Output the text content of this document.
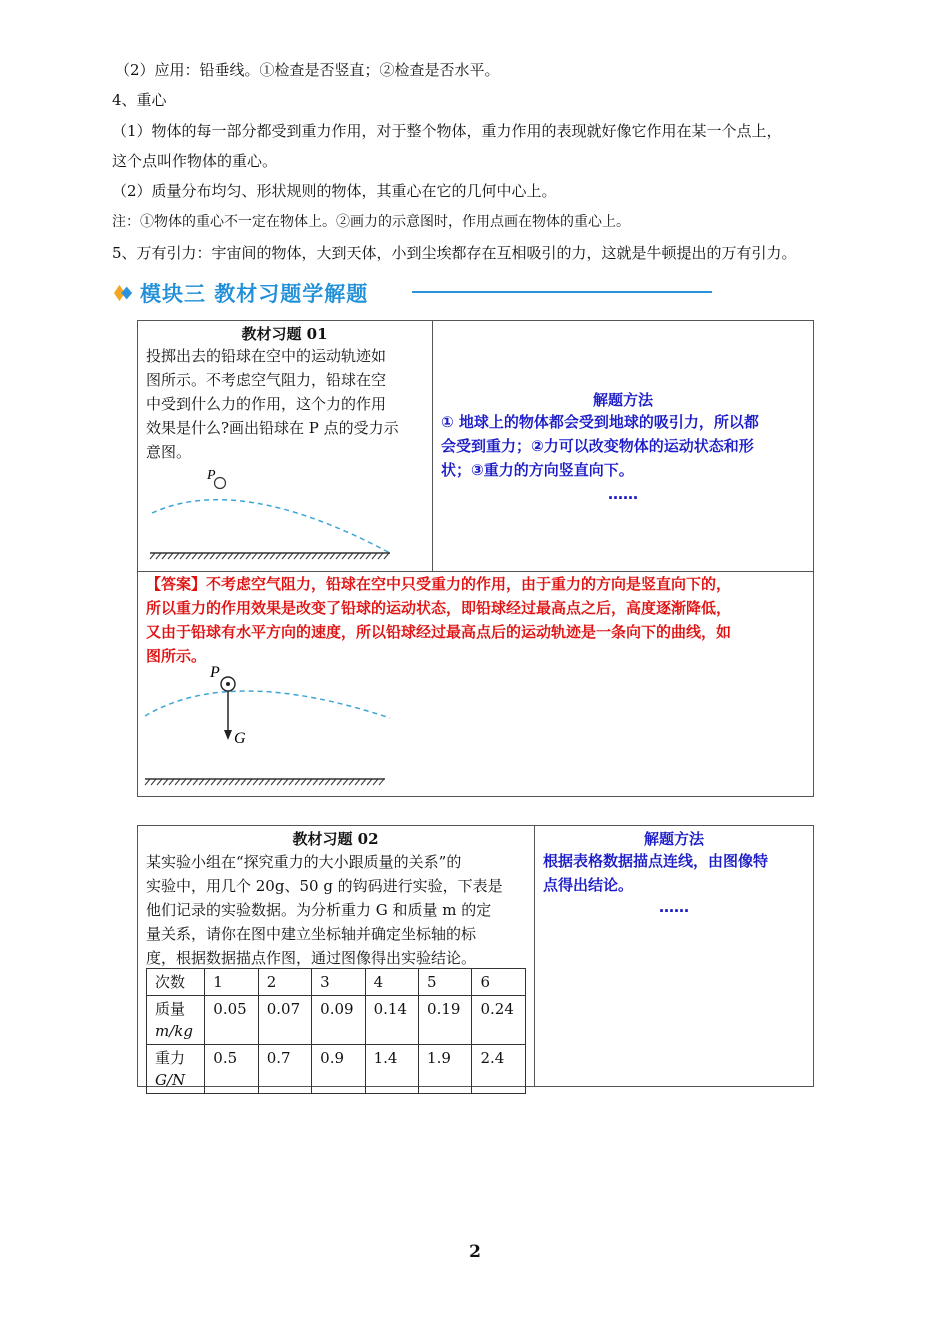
（2）应用：铅垂线。①检查是否竖直；②检查是否水平。
4、重心
（1）物体的每一部分都受到重力作用，对于整个物体，重力作用的表现就好像它作用在某一个点上，
这个点叫作物体的重心。
（2）质量分布均匀、形状规则的物体，其重心在它的几何中心上。
注：①物体的重心不一定在物体上。②画力的示意图时，作用点画在物体的重心上。
5、万有引力：宇宙间的物体，大到天体，小到尘埃都存在互相吸引的力，这就是牛顿提出的万有引力。
模块三 教材习题学解题
教材习题 01
投掷出去的铅球在空中的运动轨迹如
图所示。不考虑空气阻力，铅球在空
中受到什么力的作用，这个力的作用
效果是什么?画出铅球在 P 点的受力示
意图。
P
解题方法
① 地球上的物体都会受到地球的吸引力，所以都
会受到重力；②力可以改变物体的运动状态和形
状；③重力的方向竖直向下。
……
【答案】不考虑空气阻力，铅球在空中只受重力的作用，由于重力的方向是竖直向下的，
所以重力的作用效果是改变了铅球的运动状态，即铅球经过最高点之后，高度逐渐降低，
又由于铅球有水平方向的速度，所以铅球经过最高点后的运动轨迹是一条向下的曲线，如
图所示。
P
G
教材习题 02
某实验小组在“探究重力的大小跟质量的关系”的
实验中，用几个 20g、50 g 的钩码进行实验，下表是
他们记录的实验数据。为分析重力 G 和质量 m 的定
量关系，请你在图中建立坐标轴并确定坐标轴的标
度，根据数据描点作图，通过图像得出实验结论。
次数	1	2	3	4	5	6

质量
m/kg	0.05	0.07	0.09	0.14	0.19	0.24

重力
G/N	0.5	0.7	0.9	1.4	1.9	2.4
解题方法
根据表格数据描点连线，由图像特
点得出结论。
……
2
